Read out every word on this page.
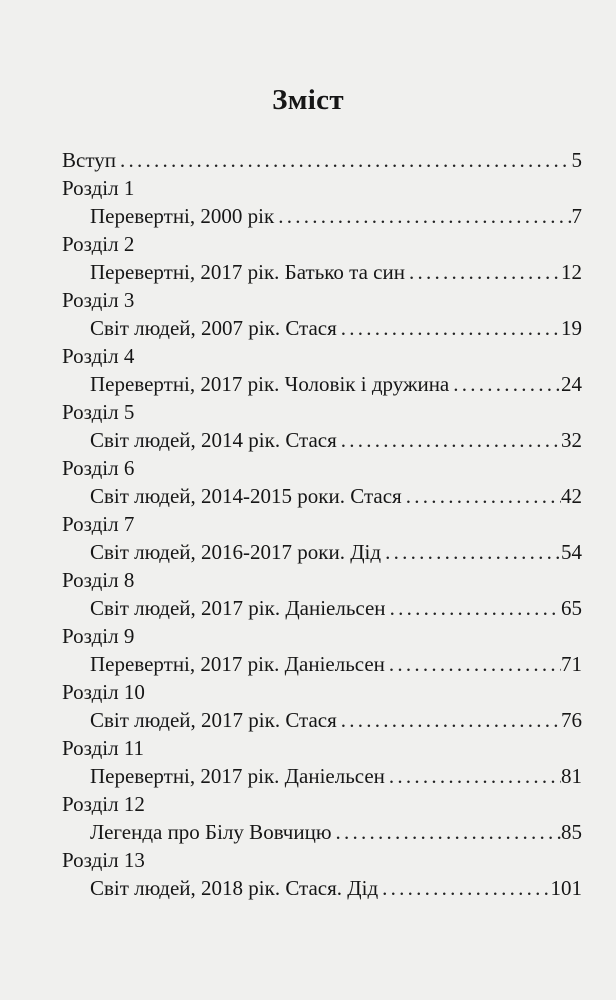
Зміст
Вступ . . .	5
Розділ 1
Перевертні, 2000 рік . . .	7
Розділ 2
Перевертні, 2017 рік. Батько та син . . .	12
Розділ 3
Світ людей, 2007 рік. Стася . . .	19
Розділ 4
Перевертні, 2017 рік. Чоловік і дружина . . .	24
Розділ 5
Світ людей, 2014 рік. Стася . . .	32
Розділ 6
Світ людей, 2014-2015 роки. Стася . . .	42
Розділ 7
Світ людей, 2016-2017 роки. Дід . . .	54
Розділ 8
Світ людей, 2017 рік. Даніельсен . . .	65
Розділ 9
Перевертні, 2017 рік. Даніельсен . . .	71
Розділ 10
Світ людей, 2017 рік. Стася . . .	76
Розділ 11
Перевертні, 2017 рік. Даніельсен . . .	81
Розділ 12
Легенда про Білу Вовчицю . . .	85
Розділ 13
Світ людей, 2018 рік. Стася. Дід . . .	101
